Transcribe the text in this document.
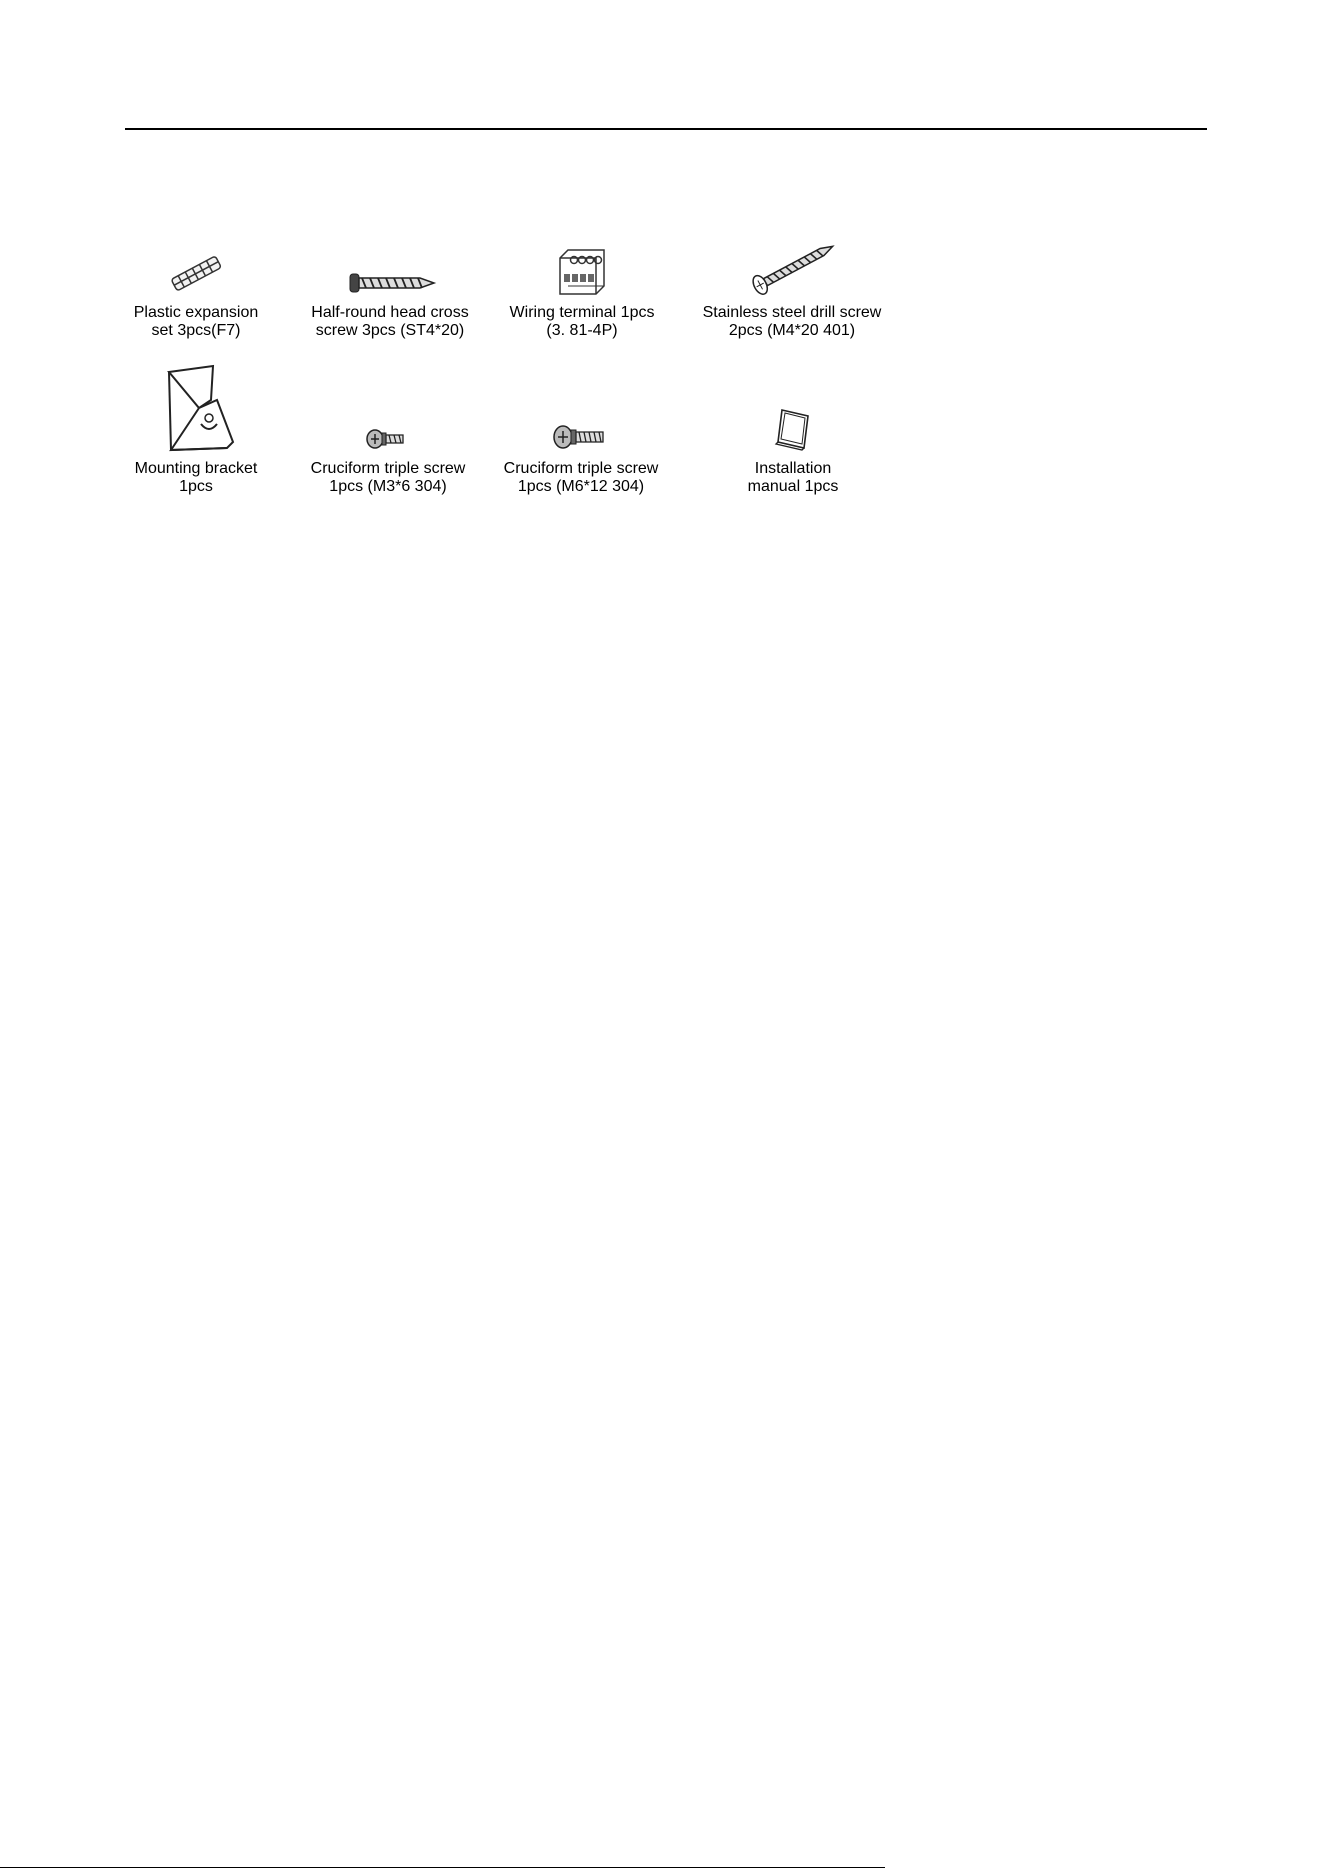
Plastic expansion
set 3pcs(F7)
Half-round head cross
screw 3pcs (ST4*20)
Wiring terminal 1pcs
(3. 81-4P)
Stainless steel drill screw
2pcs (M4*20 401)
Mounting bracket
1pcs
Cruciform triple screw
1pcs (M3*6 304)
Cruciform triple screw
1pcs (M6*12 304)
Installation
manual 1pcs
